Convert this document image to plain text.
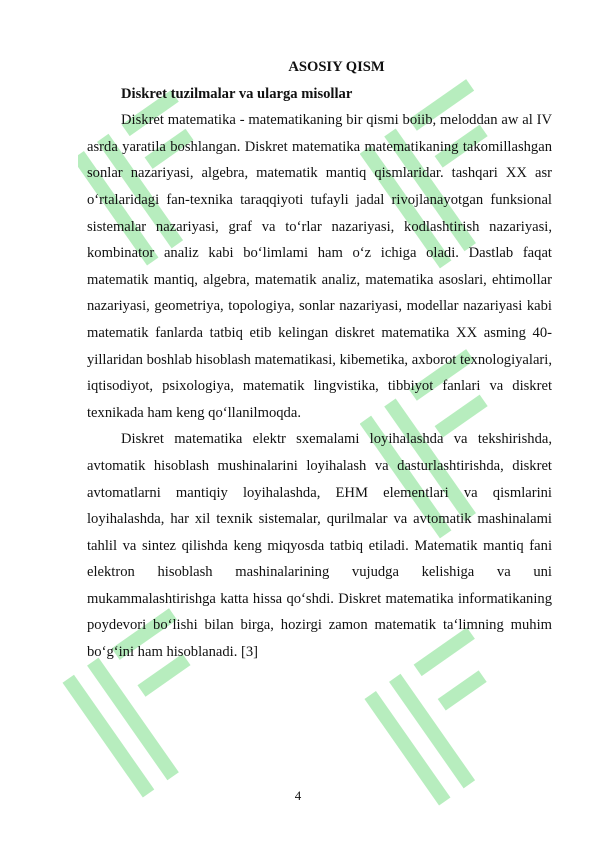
ASOSIY QISM

Diskret tuzilmalar va ularga misollar

Diskret matematika - matematikaning bir qismi boiib, meloddan aw al IV asrda yaratila boshlangan. Diskret matematika matematikaning takomillashgan sonlar nazariyasi, algebra, matematik mantiq qismlaridar. tashqari XX asr o‘rtalaridagi fan-texnika taraqqiyoti tufayli jadal rivojlanayotgan funksional sistemalar nazariyasi, graf va to‘rlar nazariyasi, kodlashtirish nazariyasi, kombinator analiz kabi bo‘limlami ham o‘z ichiga oladi. Dastlab faqat matematik mantiq, algebra, matematik analiz, matematika asoslari, ehtimollar nazariyasi, geometriya, topologiya, sonlar nazariyasi, modellar nazariyasi kabi matematik fanlarda tatbiq etib kelingan diskret matematika XX asming 40- yillaridan boshlab hisoblash matematikasi, kibemetika, axborot texnologiyalari, iqtisodiyot, psixologiya, matematik lingvistika, tibbiyot fanlari va diskret texnikada ham keng qo‘llanilmoqda.

Diskret matematika elektr sxemalami loyihalashda va tekshirishda, avtomatik hisoblash mushinalarini loyihalash va dasturlashtirishda, diskret avtomatlarni mantiqiy loyihalashda, EHM elementlari va qismlarini loyihalashda, har xil texnik sistemalar, qurilmalar va avtomatik mashinalami tahlil va sintez qilishda keng miqyosda tatbiq etiladi. Matematik mantiq fani elektron hisoblash mashinalarining vujudga kelishiga va uni mukammalashtirishga katta hissa qo‘shdi. Diskret matematika informatikaning poydevori bo‘lishi bilan birga, hozirgi zamon matematik ta‘limning muhim bo‘g‘ini ham hisoblanadi. [3]

4
